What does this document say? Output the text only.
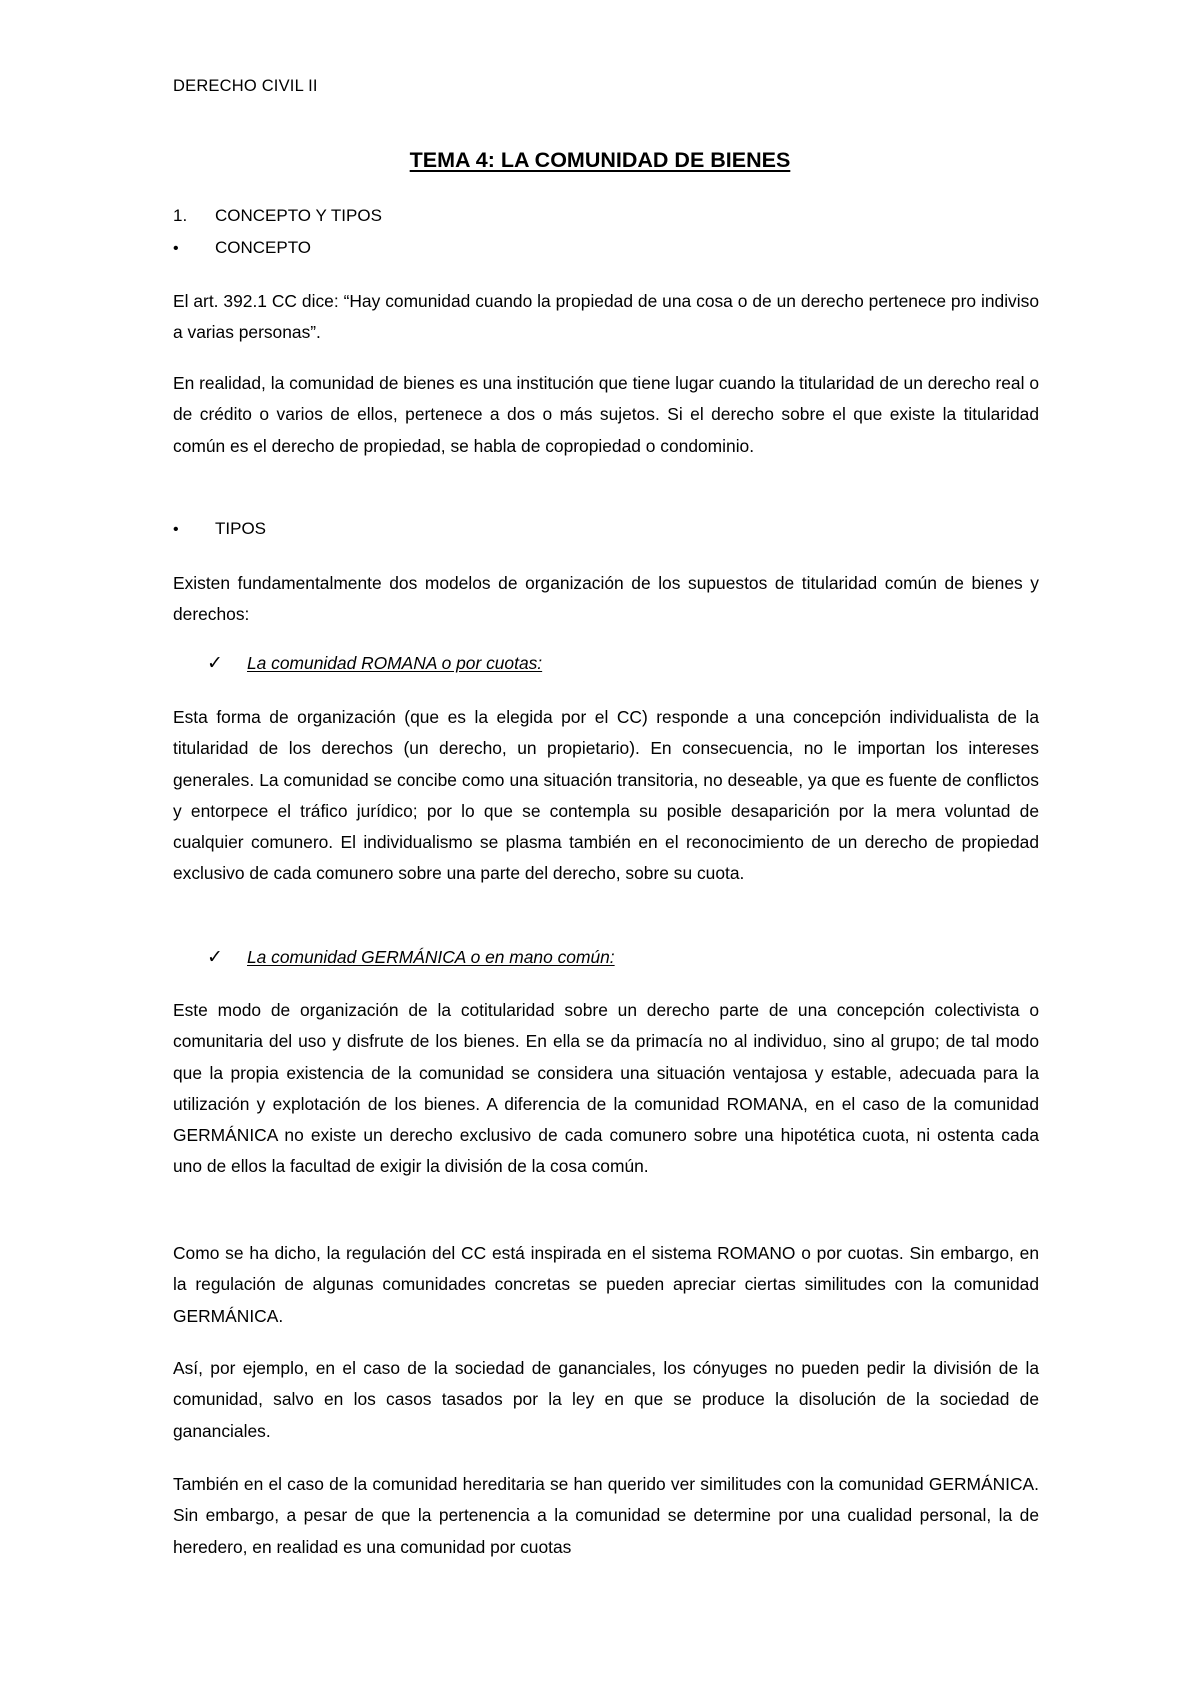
DERECHO CIVIL II
TEMA 4: LA COMUNIDAD DE BIENES
1. CONCEPTO Y TIPOS
• CONCEPTO

El art. 392.1 CC dice: “Hay comunidad cuando la propiedad de una cosa o de un derecho pertenece pro indiviso a varias personas”.

En realidad, la comunidad de bienes es una institución que tiene lugar cuando la titularidad de un derecho real o de crédito o varios de ellos, pertenece a dos o más sujetos. Si el derecho sobre el que existe la titularidad común es el derecho de propiedad, se habla de copropiedad o condominio.

• TIPOS

Existen fundamentalmente dos modelos de organización de los supuestos de titularidad común de bienes y derechos:

✓ La comunidad ROMANA o por cuotas:

Esta forma de organización (que es la elegida por el CC) responde a una concepción individualista de la titularidad de los derechos (un derecho, un propietario). En consecuencia, no le importan los intereses generales. La comunidad se concibe como una situación transitoria, no deseable, ya que es fuente de conflictos y entorpece el tráfico jurídico; por lo que se contempla su posible desaparición por la mera voluntad de cualquier comunero. El individualismo se plasma también en el reconocimiento de un derecho de propiedad exclusivo de cada comunero sobre una parte del derecho, sobre su cuota.

✓ La comunidad GERMÁNICA o en mano común:

Este modo de organización de la cotitularidad sobre un derecho parte de una concepción colectivista o comunitaria del uso y disfrute de los bienes. En ella se da primacía no al individuo, sino al grupo; de tal modo que la propia existencia de la comunidad se considera una situación ventajosa y estable, adecuada para la utilización y explotación de los bienes. A diferencia de la comunidad ROMANA, en el caso de la comunidad GERMÁNICA no existe un derecho exclusivo de cada comunero sobre una hipotética cuota, ni ostenta cada uno de ellos la facultad de exigir la división de la cosa común.

Como se ha dicho, la regulación del CC está inspirada en el sistema ROMANO o por cuotas. Sin embargo, en la regulación de algunas comunidades concretas se pueden apreciar ciertas similitudes con la comunidad GERMÁNICA.

Así, por ejemplo, en el caso de la sociedad de gananciales, los cónyuges no pueden pedir la división de la comunidad, salvo en los casos tasados por la ley en que se produce la disolución de la sociedad de gananciales.

También en el caso de la comunidad hereditaria se han querido ver similitudes con la comunidad GERMÁNICA. Sin embargo, a pesar de que la pertenencia a la comunidad se determine por una cualidad personal, la de heredero, en realidad es una comunidad por cuotas
